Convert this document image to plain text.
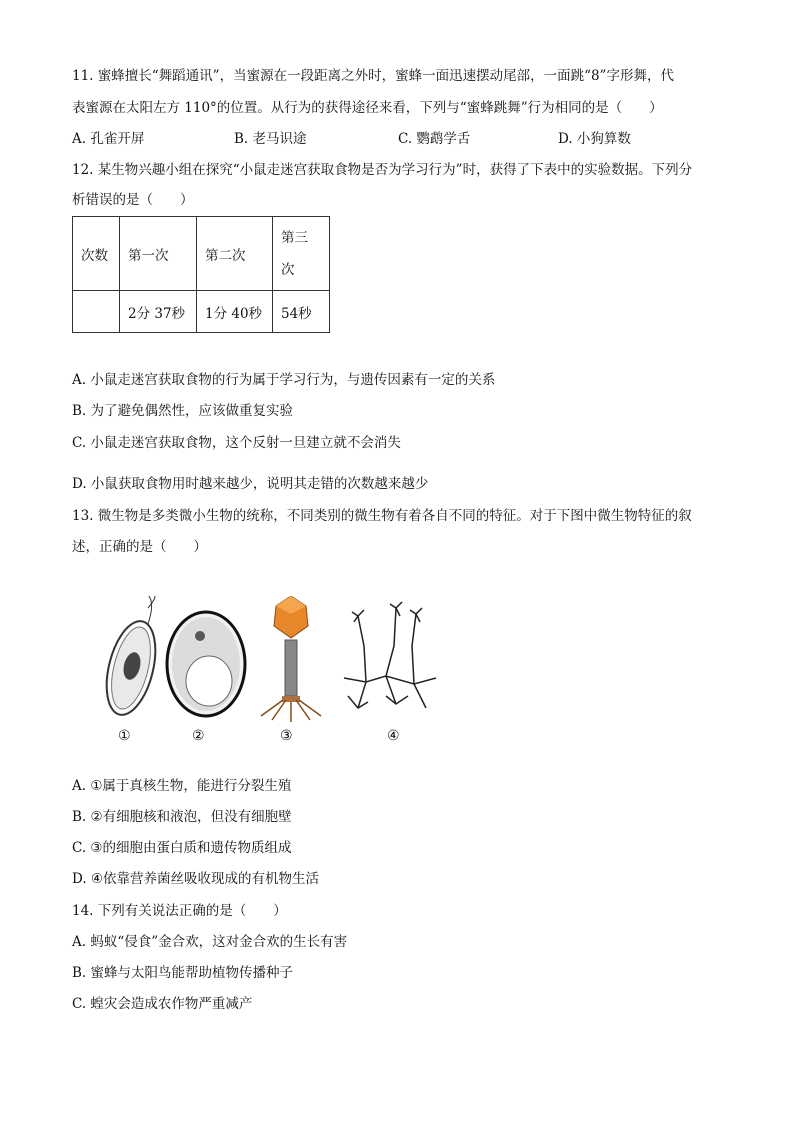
11. 蜜蜂擅长“舞蹈通讯”，当蜜源在一段距离之外时，蜜蜂一面迅速摆动尾部，一面跳“8”字形舞，代
表蜜源在太阳左方 110°的位置。从行为的获得途径来看，下列与“蜜蜂跳舞”行为相同的是（　　）
A. 孔雀开屏	B. 老马识途	C. 鹦鹉学舌	D. 小狗算数
12. 某生物兴趣小组在探究“小鼠走迷宫获取食物是否为学习行为”时，获得了下表中的实验数据。下列分
析错误的是（　　）
次数	第一次	第二次	第三次
	2分 37秒	1分 40秒	54秒
A. 小鼠走迷宫获取食物的行为属于学习行为，与遗传因素有一定的关系
B. 为了避免偶然性，应该做重复实验
C. 小鼠走迷宫获取食物，这个反射一旦建立就不会消失
D. 小鼠获取食物用时越来越少，说明其走错的次数越来越少
13. 微生物是多类微小生物的统称，不同类别的微生物有着各自不同的特征。对于下图中微生物特征的叙
述，正确的是（　　）
①	②	③	④
A. ①属于真核生物，能进行分裂生殖
B. ②有细胞核和液泡，但没有细胞壁
C. ③的细胞由蛋白质和遗传物质组成
D. ④依靠营养菌丝吸收现成的有机物生活
14. 下列有关说法正确的是（　　）
A. 蚂蚁“侵食”金合欢，这对金合欢的生长有害
B. 蜜蜂与太阳鸟能帮助植物传播种子
C. 蝗灾会造成农作物严重减产
